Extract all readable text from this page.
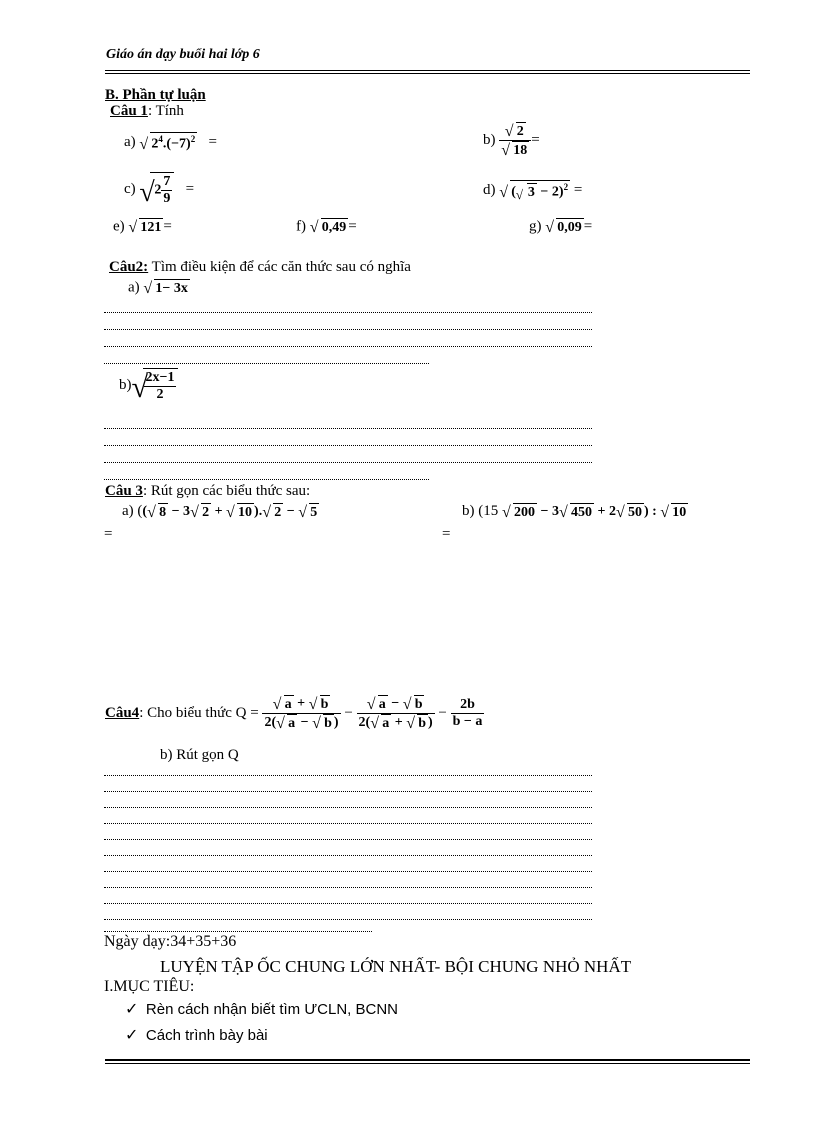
Giáo án dạy buổi hai lớp 6
B. Phần tự luận
Câu 1: Tính
a) √ $2^4.(-7)^2$ =	$b) \frac{√ 2}{√ 18}$ =
c) √ $2 \frac{7}{9}$ =	d) √ ( √ 3 − 2)$^2$ =
e) √ 121 =	f) √ 0,49 =	g) √ 0,09 =
Câu2: Tìm điều kiện để các căn thức sau có nghĩa
a) √ 1− 3x
b) √
$\frac{2x-1}{2}$
Câu 3: Rút gọn các biểu thức sau:
a) (( √ 8 − 3 √ 2 + √ 10 ). √ 2 − √ 5	b) (15 √ 200 − 3 √ 450 + 2 √ 50 ) : √ 10
=	=
Câu4: Cho biểu thức $Q = \frac{√ a + √ b}{2( √ a - √ b )} - \frac{√ a - √ b}{2( √ a + √ b )} - \frac{2b}{b - a}$
b) Rút gọn Q
Ngày dạy:34+35+36
LUYỆN TẬP ỐC CHUNG LỚN NHẤT- BỘI CHUNG NHỎ NHẤT
I.MỤC TIÊU:
✓ Rèn cách nhận biết tìm ƯCLN, BCNN
✓ Cách trình bày bài
